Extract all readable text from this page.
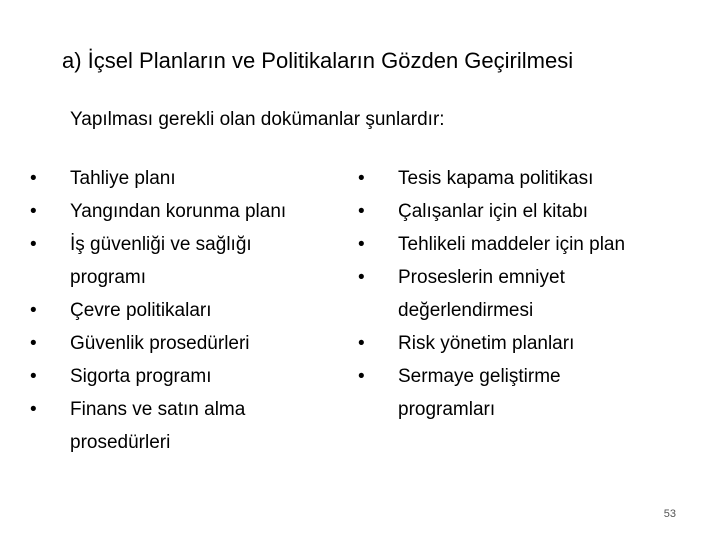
a) İçsel Planların ve Politikaların Gözden Geçirilmesi
Yapılması gerekli olan dokümanlar şunlardır:
•	Tahliye planı
•	Yangından korunma planı
•	İş güvenliği ve sağlığı
programı
•	Çevre politikaları
•	Güvenlik prosedürleri
•	Sigorta programı
•	Finans ve satın alma
prosedürleri
•	Tesis kapama politikası
•	Çalışanlar için el kitabı
•	Tehlikeli maddeler için plan
•	Proseslerin emniyet
değerlendirmesi
•	Risk yönetim planları
•	Sermaye geliştirme
programları
53
